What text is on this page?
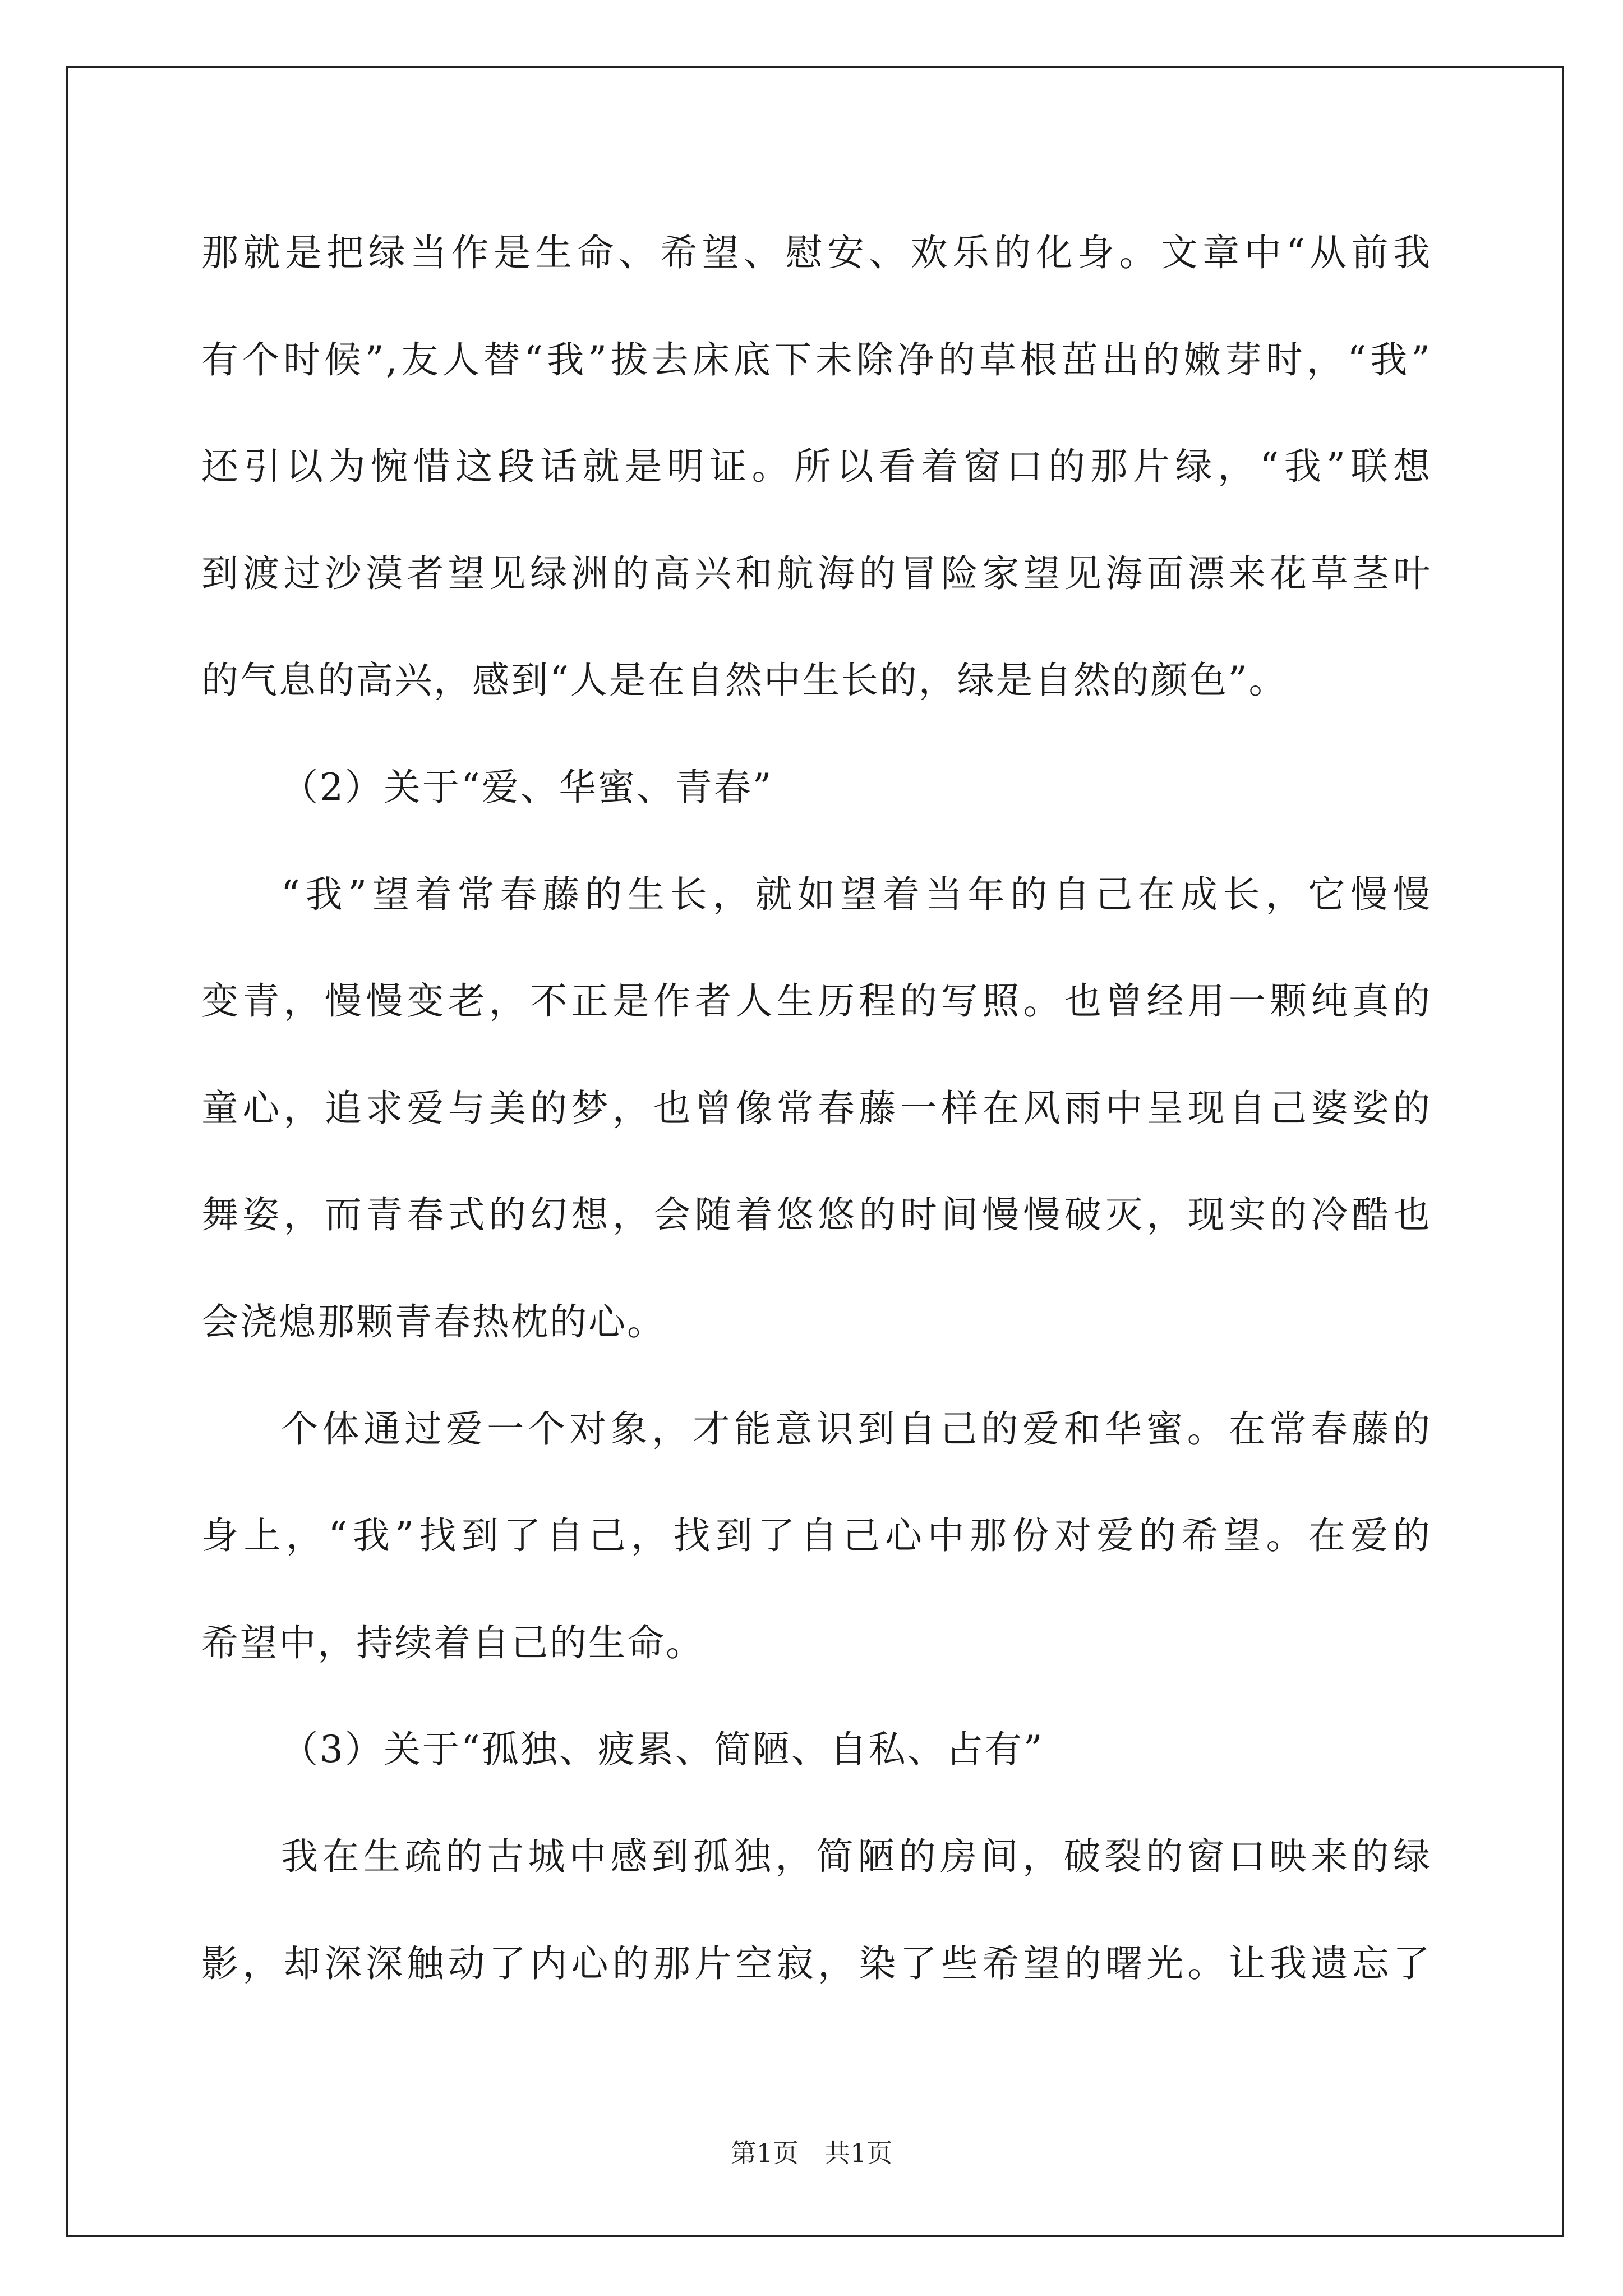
那就是把绿当作是生命、希望、慰安、欢乐的化身。文章中“从前我
有个时候”,友人替“我”拔去床底下未除净的草根茁出的嫩芽时，“我”
还引以为惋惜这段话就是明证。所以看着窗口的那片绿，“我”联想
到渡过沙漠者望见绿洲的高兴和航海的冒险家望见海面漂来花草茎叶
的气息的高兴，感到“人是在自然中生长的，绿是自然的颜色”。
（2）关于“爱、华蜜、青春”
“我”望着常春藤的生长，就如望着当年的自己在成长，它慢慢
变青，慢慢变老，不正是作者人生历程的写照。也曾经用一颗纯真的
童心，追求爱与美的梦，也曾像常春藤一样在风雨中呈现自己婆娑的
舞姿，而青春式的幻想，会随着悠悠的时间慢慢破灭，现实的冷酷也
会浇熄那颗青春热枕的心。
个体通过爱一个对象，才能意识到自己的爱和华蜜。在常春藤的
身上，“我”找到了自己，找到了自己心中那份对爱的希望。在爱的
希望中，持续着自己的生命。
（3）关于“孤独、疲累、简陋、自私、占有”
我在生疏的古城中感到孤独，简陋的房间，破裂的窗口映来的绿
影，却深深触动了内心的那片空寂，染了些希望的曙光。让我遗忘了
第1页　共1页
